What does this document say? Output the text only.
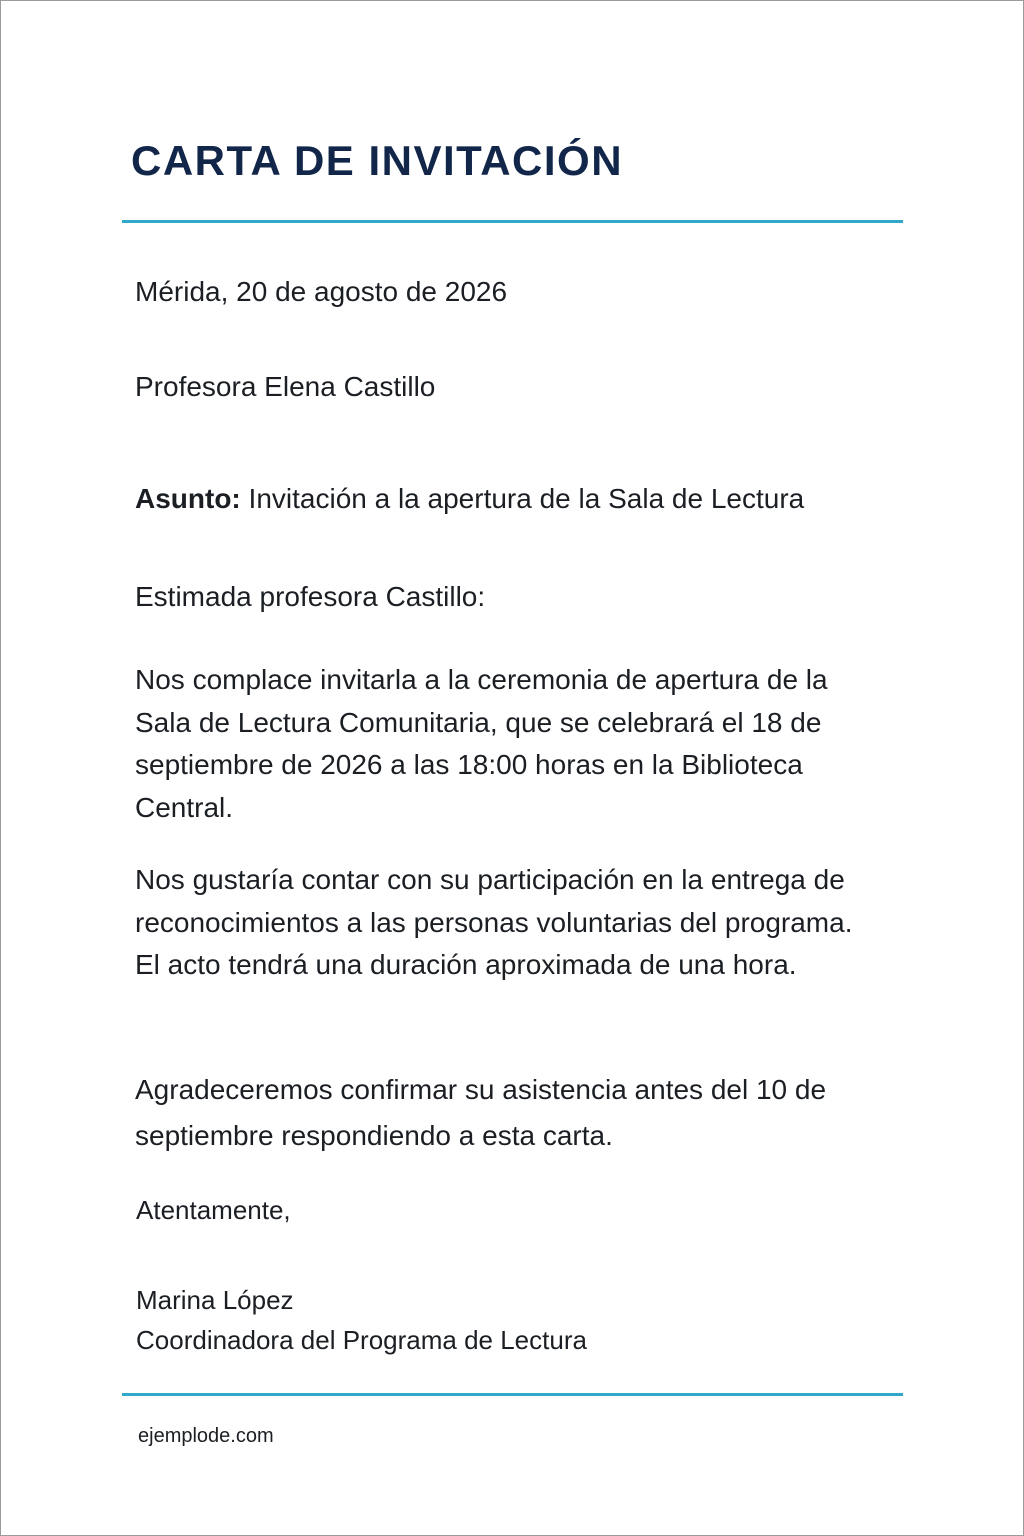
CARTA DE INVITACIÓN

Mérida, 20 de agosto de 2026

Profesora Elena Castillo

Asunto: Invitación a la apertura de la Sala de Lectura

Estimada profesora Castillo:

Nos complace invitarla a la ceremonia de apertura de la Sala de Lectura Comunitaria, que se celebrará el 18 de septiembre de 2026 a las 18:00 horas en la Biblioteca Central.

Nos gustaría contar con su participación en la entrega de reconocimientos a las personas voluntarias del programa. El acto tendrá una duración aproximada de una hora.

Agradeceremos confirmar su asistencia antes del 10 de septiembre respondiendo a esta carta.

Atentamente,

Marina López

Coordinadora del Programa de Lectura

ejemplode.com
